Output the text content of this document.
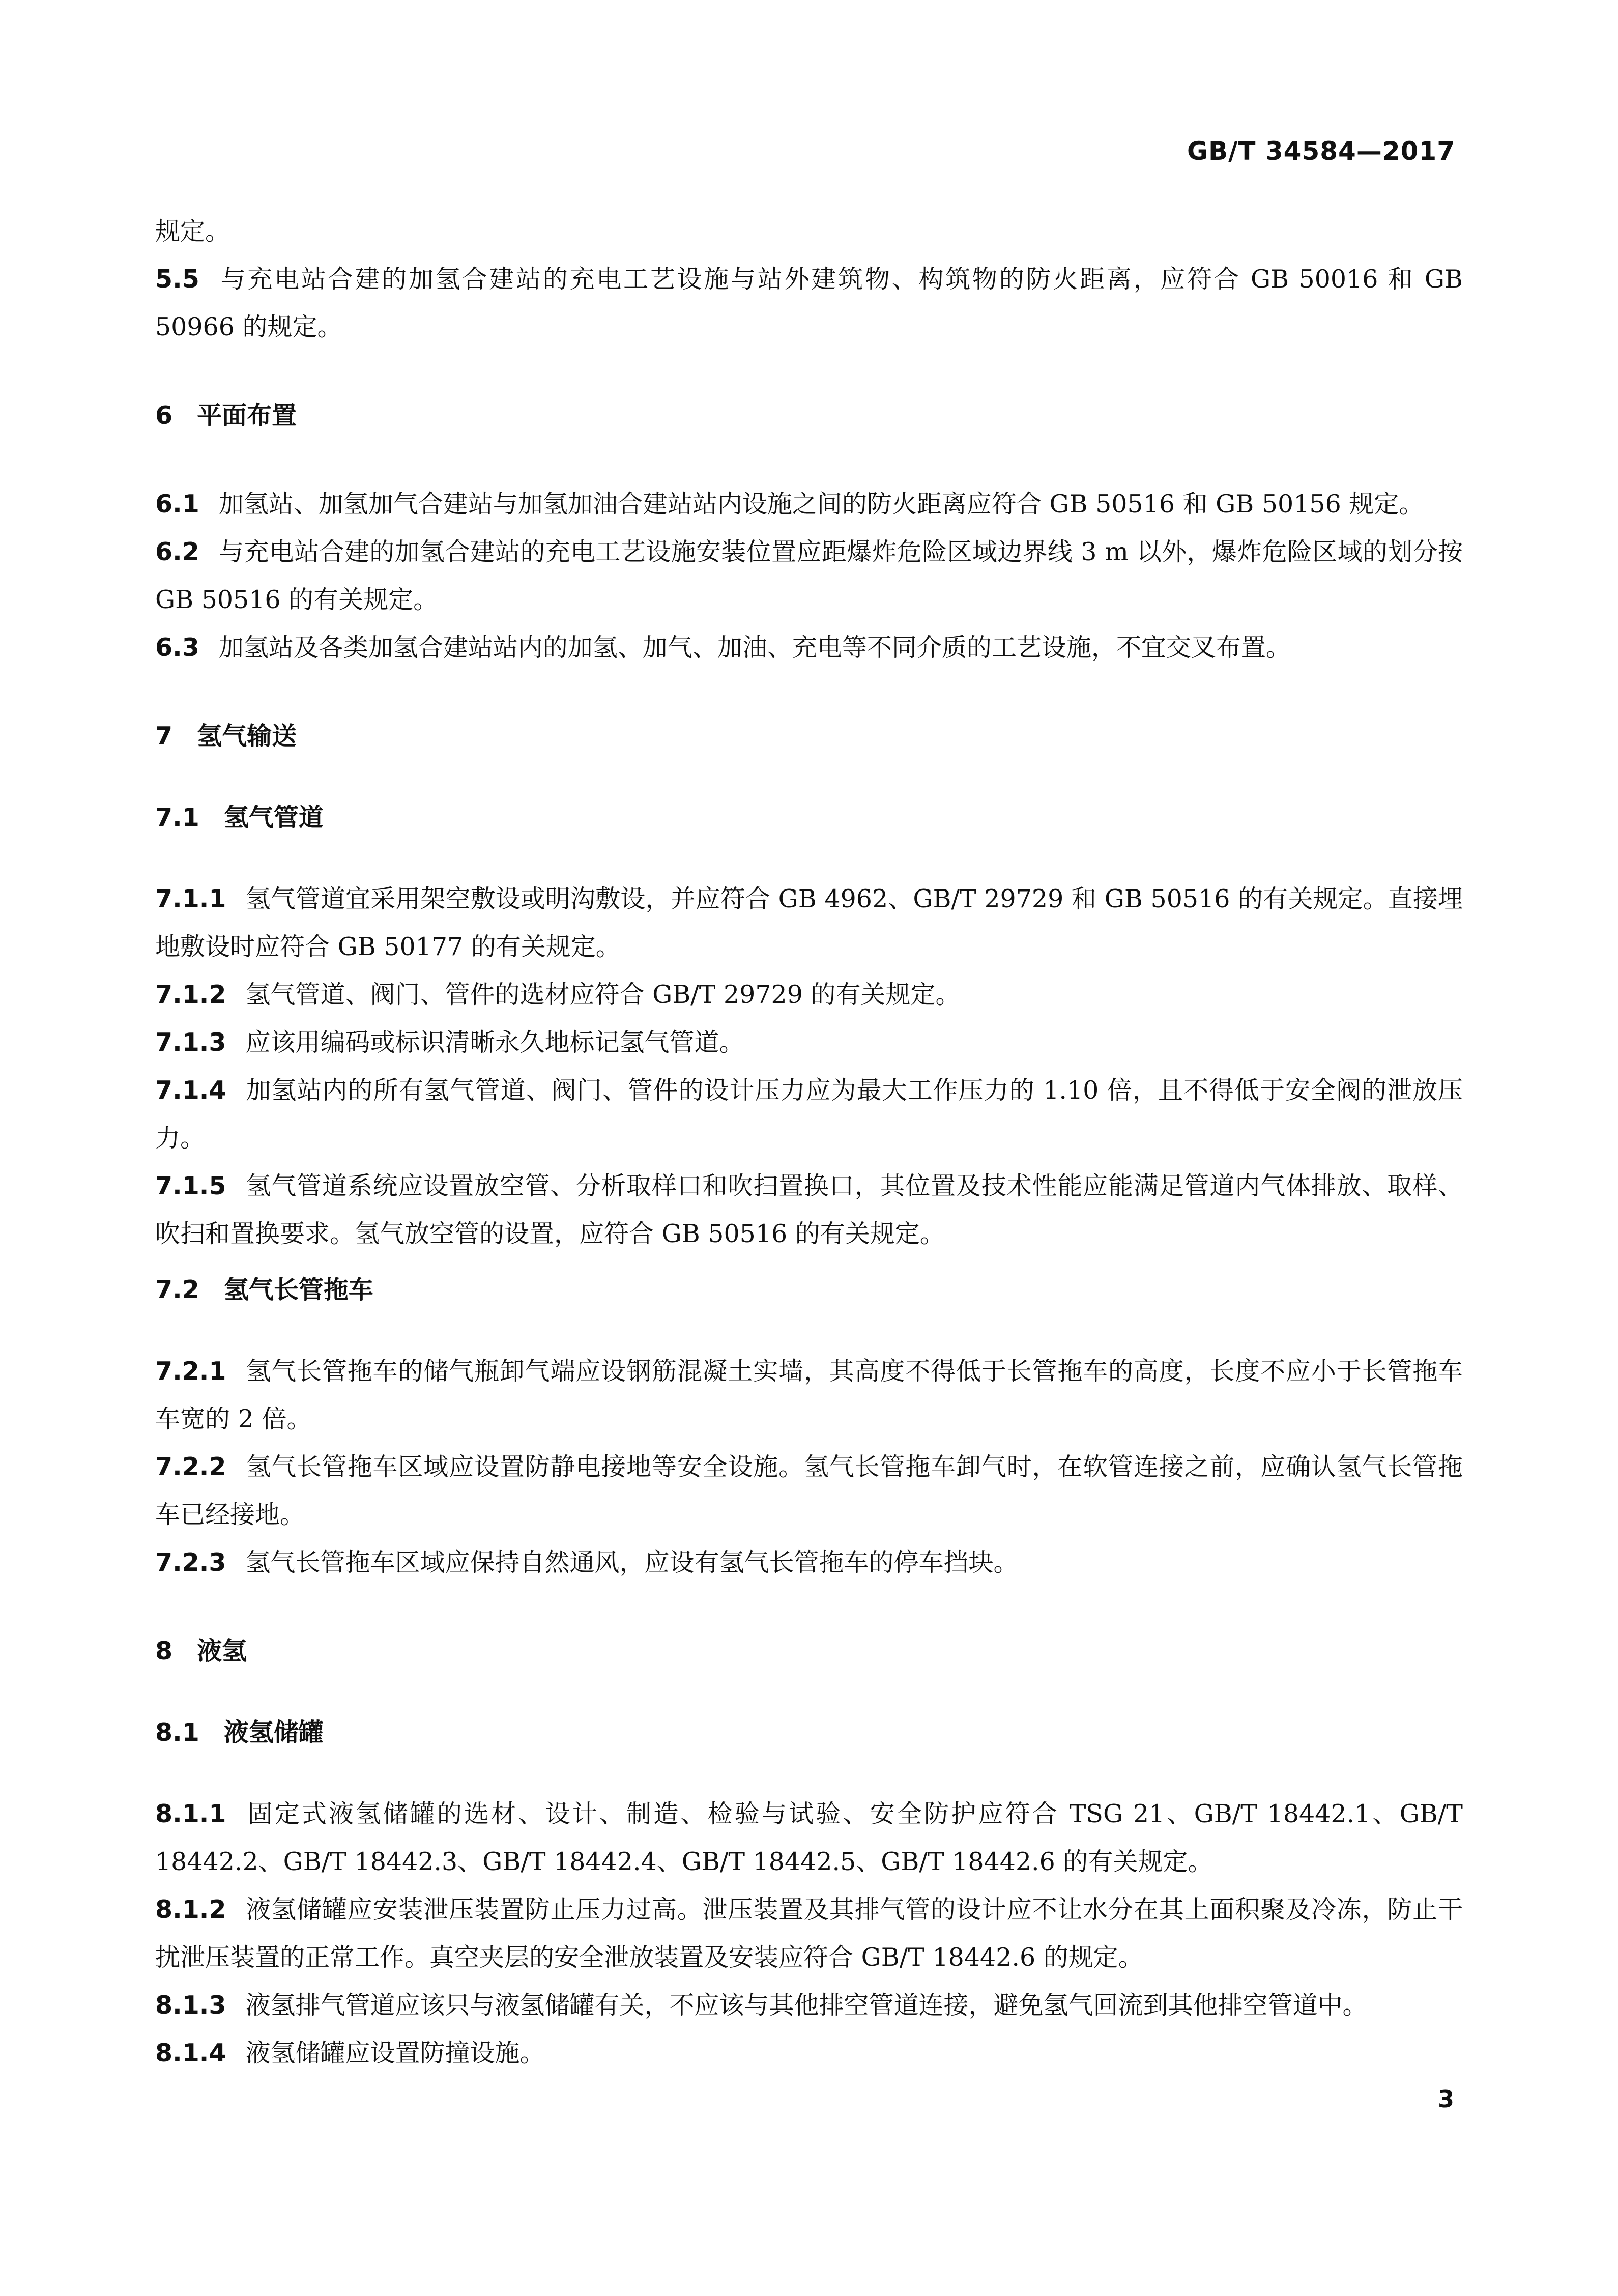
GB/T 34584—2017

规定。

5.5 与充电站合建的加氢合建站的充电工艺设施与站外建筑物、构筑物的防火距离，应符合 GB 50016 和 GB 50966 的规定。

6 平面布置

6.1 加氢站、加氢加气合建站与加氢加油合建站站内设施之间的防火距离应符合 GB 50516 和 GB 50156 规定。

6.2 与充电站合建的加氢合建站的充电工艺设施安装位置应距爆炸危险区域边界线 3 m 以外，爆炸危险区域的划分按 GB 50516 的有关规定。

6.3 加氢站及各类加氢合建站站内的加氢、加气、加油、充电等不同介质的工艺设施，不宜交叉布置。

7 氢气输送

7.1 氢气管道

7.1.1 氢气管道宜采用架空敷设或明沟敷设，并应符合 GB 4962、GB/T 29729 和 GB 50516 的有关规定。直接埋地敷设时应符合 GB 50177 的有关规定。

7.1.2 氢气管道、阀门、管件的选材应符合 GB/T 29729 的有关规定。

7.1.3 应该用编码或标识清晰永久地标记氢气管道。

7.1.4 加氢站内的所有氢气管道、阀门、管件的设计压力应为最大工作压力的 1.10 倍，且不得低于安全阀的泄放压力。

7.1.5 氢气管道系统应设置放空管、分析取样口和吹扫置换口，其位置及技术性能应能满足管道内气体排放、取样、吹扫和置换要求。氢气放空管的设置，应符合 GB 50516 的有关规定。

7.2 氢气长管拖车

7.2.1 氢气长管拖车的储气瓶卸气端应设钢筋混凝土实墙，其高度不得低于长管拖车的高度，长度不应小于长管拖车车宽的 2 倍。

7.2.2 氢气长管拖车区域应设置防静电接地等安全设施。氢气长管拖车卸气时，在软管连接之前，应确认氢气长管拖车已经接地。

7.2.3 氢气长管拖车区域应保持自然通风，应设有氢气长管拖车的停车挡块。

8 液氢

8.1 液氢储罐

8.1.1 固定式液氢储罐的选材、设计、制造、检验与试验、安全防护应符合 TSG 21、GB/T 18442.1、GB/T 18442.2、GB/T 18442.3、GB/T 18442.4、GB/T 18442.5、GB/T 18442.6 的有关规定。

8.1.2 液氢储罐应安装泄压装置防止压力过高。泄压装置及其排气管的设计应不让水分在其上面积聚及冷冻，防止干扰泄压装置的正常工作。真空夹层的安全泄放装置及安装应符合 GB/T 18442.6 的规定。

8.1.3 液氢排气管道应该只与液氢储罐有关，不应该与其他排空管道连接，避免氢气回流到其他排空管道中。

8.1.4 液氢储罐应设置防撞设施。

3
